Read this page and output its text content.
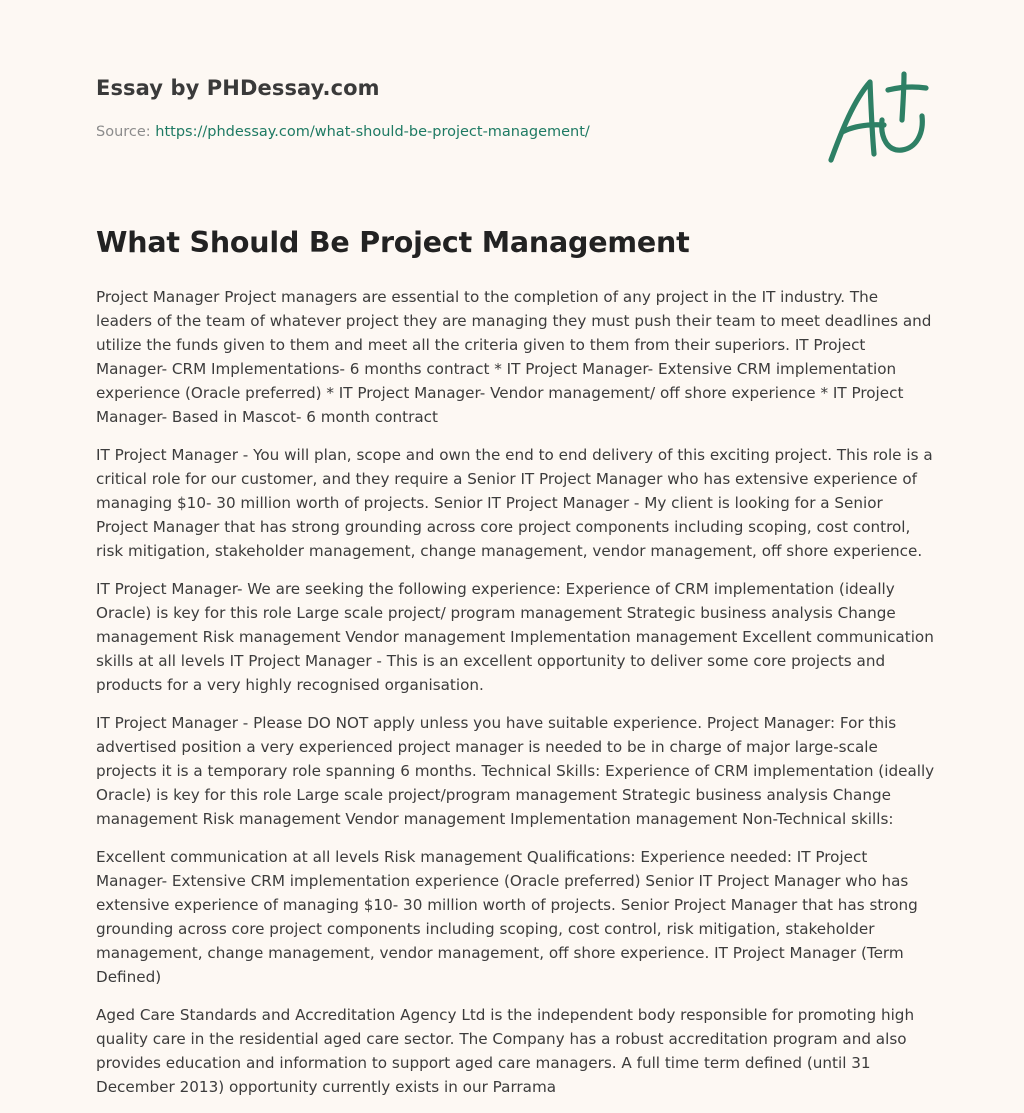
Essay by PHDessay.com
Source: https://phdessay.com/what-should-be-project-management/
What Should Be Project Management

Project Manager Project managers are essential to the completion of any project in the IT industry. The leaders of the team of whatever project they are managing they must push their team to meet deadlines and utilize the funds given to them and meet all the criteria given to them from their superiors. IT Project Manager- CRM Implementations- 6 months contract * IT Project Manager- Extensive CRM implementation experience (Oracle preferred) * IT Project Manager- Vendor management/ off shore experience * IT Project Manager- Based in Mascot- 6 month contract

IT Project Manager - You will plan, scope and own the end to end delivery of this exciting project. This role is a critical role for our customer, and they require a Senior IT Project Manager who has extensive experience of managing $10- 30 million worth of projects. Senior IT Project Manager - My client is looking for a Senior Project Manager that has strong grounding across core project components including scoping, cost control, risk mitigation, stakeholder management, change management, vendor management, off shore experience.

IT Project Manager- We are seeking the following experience: Experience of CRM implementation (ideally Oracle) is key for this role Large scale project/ program management Strategic business analysis Change management Risk management Vendor management Implementation management Excellent communication skills at all levels IT Project Manager - This is an excellent opportunity to deliver some core projects and products for a very highly recognised organisation.

IT Project Manager - Please DO NOT apply unless you have suitable experience. Project Manager: For this advertised position a very experienced project manager is needed to be in charge of major large-scale projects it is a temporary role spanning 6 months. Technical Skills: Experience of CRM implementation (ideally Oracle) is key for this role Large scale project/program management Strategic business analysis Change management Risk management Vendor management Implementation management Non-Technical skills:

Excellent communication at all levels Risk management Qualifications: Experience needed: IT Project Manager- Extensive CRM implementation experience (Oracle preferred) Senior IT Project Manager who has extensive experience of managing $10- 30 million worth of projects. Senior Project Manager that has strong grounding across core project components including scoping, cost control, risk mitigation, stakeholder management, change management, vendor management, off shore experience. IT Project Manager (Term Defined)

Aged Care Standards and Accreditation Agency Ltd is the independent body responsible for promoting high quality care in the residential aged care sector. The Company has a robust accreditation program and also provides education and information to support aged care managers. A full time term defined (until 31 December 2013) opportunity currently exists in our Parrama
